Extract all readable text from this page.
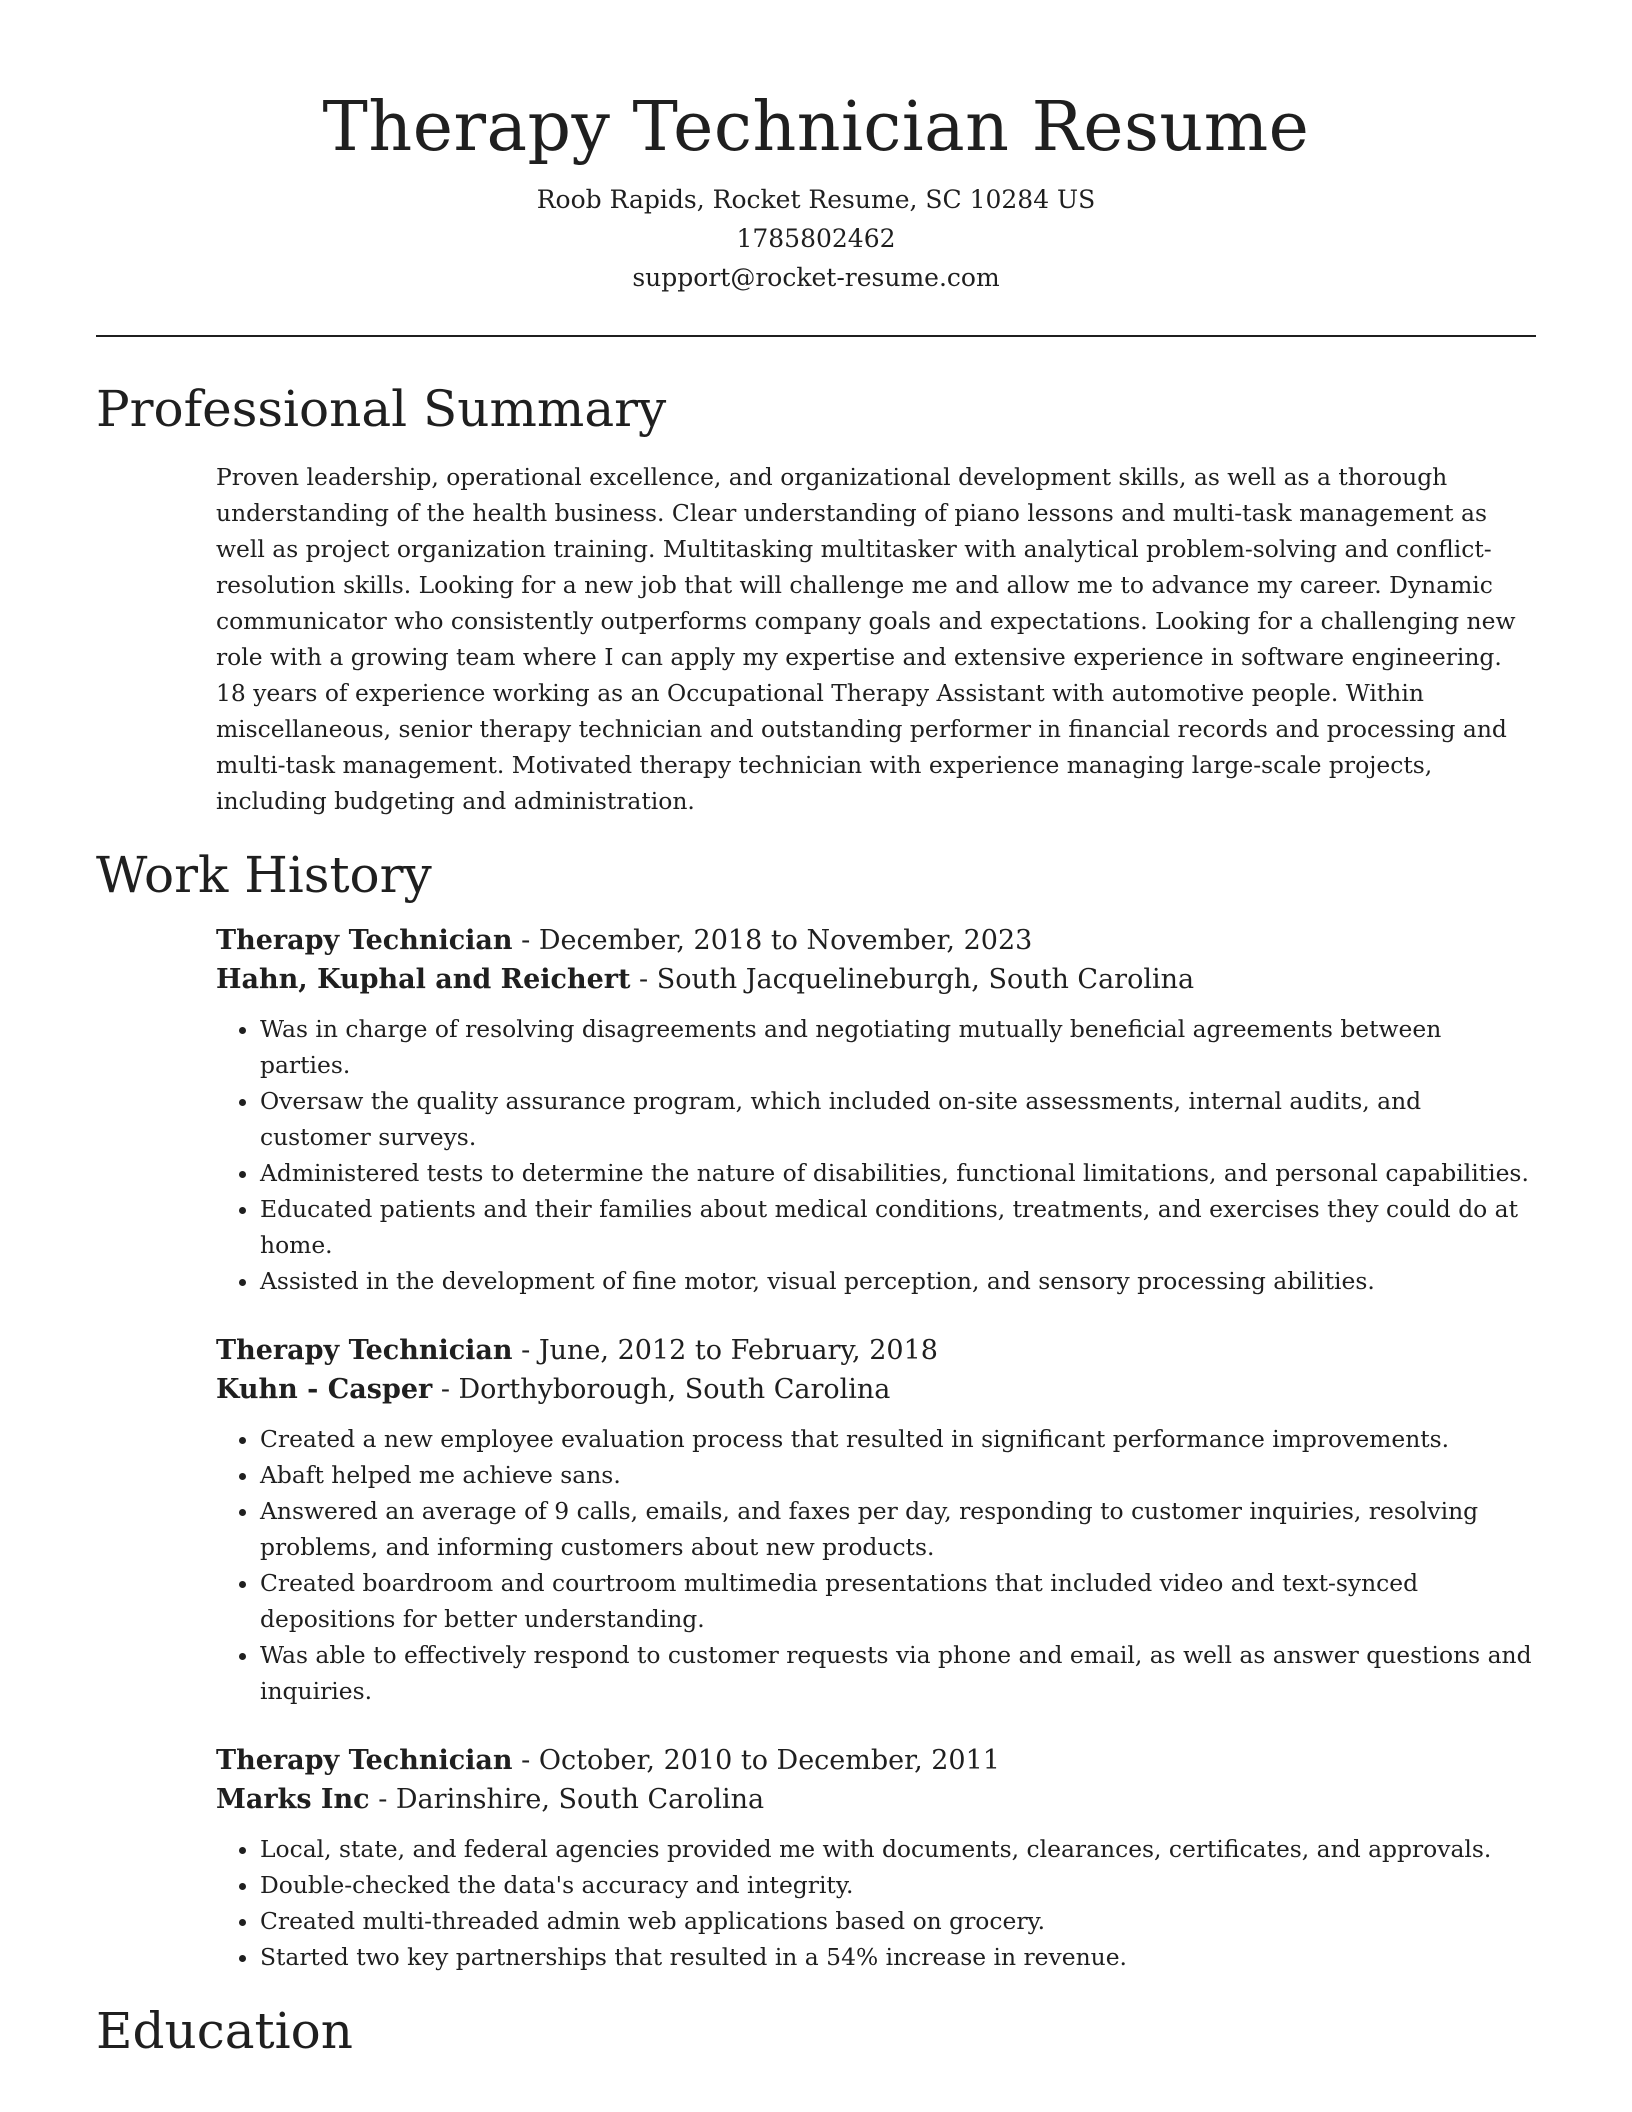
Therapy Technician Resume

Roob Rapids, Rocket Resume, SC 10284 US

1785802462

support@rocket-resume.com

Professional Summary

Proven leadership, operational excellence, and organizational development skills, as well as a thorough understanding of the health business. Clear understanding of piano lessons and multi-task management as well as project organization training. Multitasking multitasker with analytical problem-solving and conflict-resolution skills. Looking for a new job that will challenge me and allow me to advance my career. Dynamic communicator who consistently outperforms company goals and expectations. Looking for a challenging new role with a growing team where I can apply my expertise and extensive experience in software engineering. 18 years of experience working as an Occupational Therapy Assistant with automotive people. Within miscellaneous, senior therapy technician and outstanding performer in financial records and processing and multi-task management. Motivated therapy technician with experience managing large-scale projects, including budgeting and administration.

Work History

Therapy Technician - December, 2018 to November, 2023

Hahn, Kuphal and Reichert - South Jacquelineburgh, South Carolina

• Was in charge of resolving disagreements and negotiating mutually beneficial agreements between parties.
• Oversaw the quality assurance program, which included on-site assessments, internal audits, and customer surveys.
• Administered tests to determine the nature of disabilities, functional limitations, and personal capabilities.
• Educated patients and their families about medical conditions, treatments, and exercises they could do at home.
• Assisted in the development of fine motor, visual perception, and sensory processing abilities.

Therapy Technician - June, 2012 to February, 2018

Kuhn - Casper - Dorthyborough, South Carolina

• Created a new employee evaluation process that resulted in significant performance improvements.
• Abaft helped me achieve sans.
• Answered an average of 9 calls, emails, and faxes per day, responding to customer inquiries, resolving problems, and informing customers about new products.
• Created boardroom and courtroom multimedia presentations that included video and text-synced depositions for better understanding.
• Was able to effectively respond to customer requests via phone and email, as well as answer questions and inquiries.

Therapy Technician - October, 2010 to December, 2011

Marks Inc - Darinshire, South Carolina

• Local, state, and federal agencies provided me with documents, clearances, certificates, and approvals.
• Double-checked the data's accuracy and integrity.
• Created multi-threaded admin web applications based on grocery.
• Started two key partnerships that resulted in a 54% increase in revenue.
Education
